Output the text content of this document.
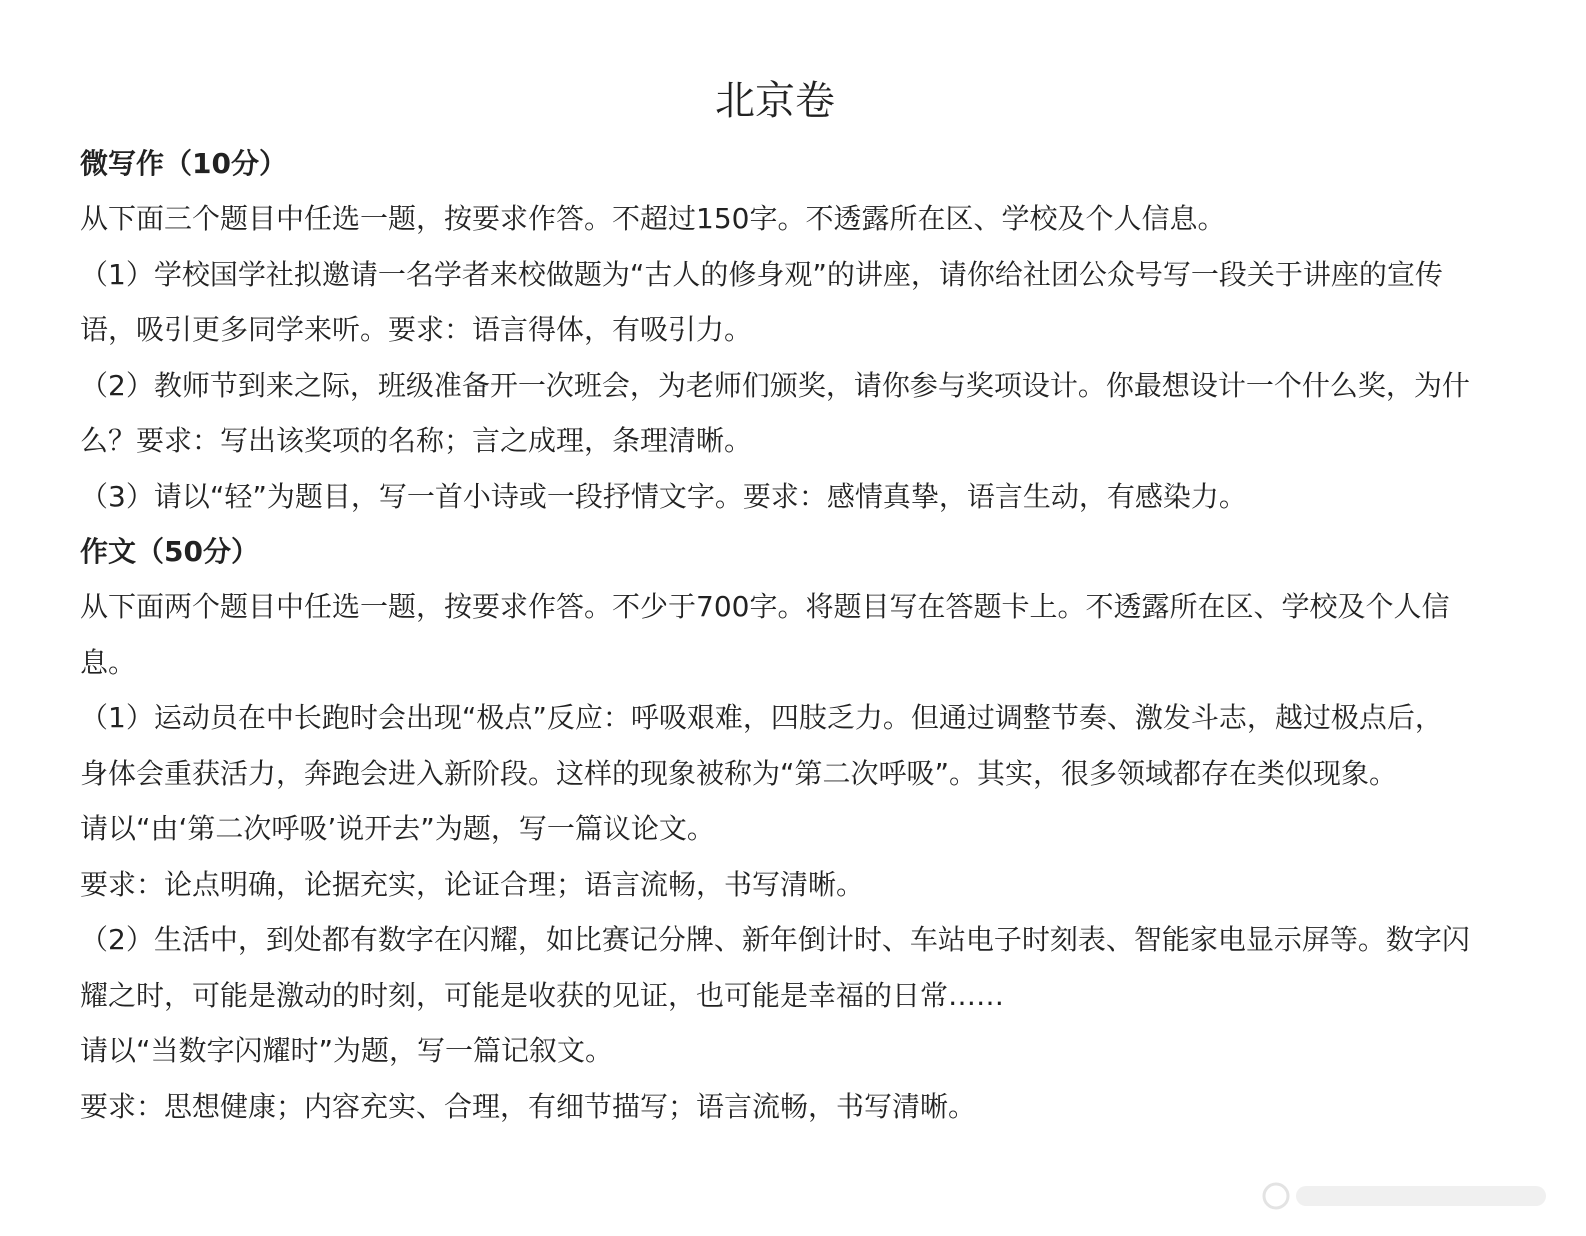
北京卷

微写作（10分）

从下面三个题目中任选一题，按要求作答。不超过150字。不透露所在区、学校及个人信息。

（1）学校国学社拟邀请一名学者来校做题为“古人的修身观”的讲座，请你给社团公众号写一段关于讲座的宣传语，吸引更多同学来听。要求：语言得体，有吸引力。

（2）教师节到来之际，班级准备开一次班会，为老师们颁奖，请你参与奖项设计。你最想设计一个什么奖，为什么？要求：写出该奖项的名称；言之成理，条理清晰。

（3）请以“轻”为题目，写一首小诗或一段抒情文字。要求：感情真挚，语言生动，有感染力。

作文（50分）

从下面两个题目中任选一题，按要求作答。不少于700字。将题目写在答题卡上。不透露所在区、学校及个人信息。

（1）运动员在中长跑时会出现“极点”反应：呼吸艰难，四肢乏力。但通过调整节奏、激发斗志，越过极点后，身体会重获活力，奔跑会进入新阶段。这样的现象被称为“第二次呼吸”。其实，很多领域都存在类似现象。

请以“由‘第二次呼吸’说开去”为题，写一篇议论文。

要求：论点明确，论据充实，论证合理；语言流畅，书写清晰。

（2）生活中，到处都有数字在闪耀，如比赛记分牌、新年倒计时、车站电子时刻表、智能家电显示屏等。数字闪耀之时，可能是激动的时刻，可能是收获的见证，也可能是幸福的日常……

请以“当数字闪耀时”为题，写一篇记叙文。

要求：思想健康；内容充实、合理，有细节描写；语言流畅，书写清晰。
